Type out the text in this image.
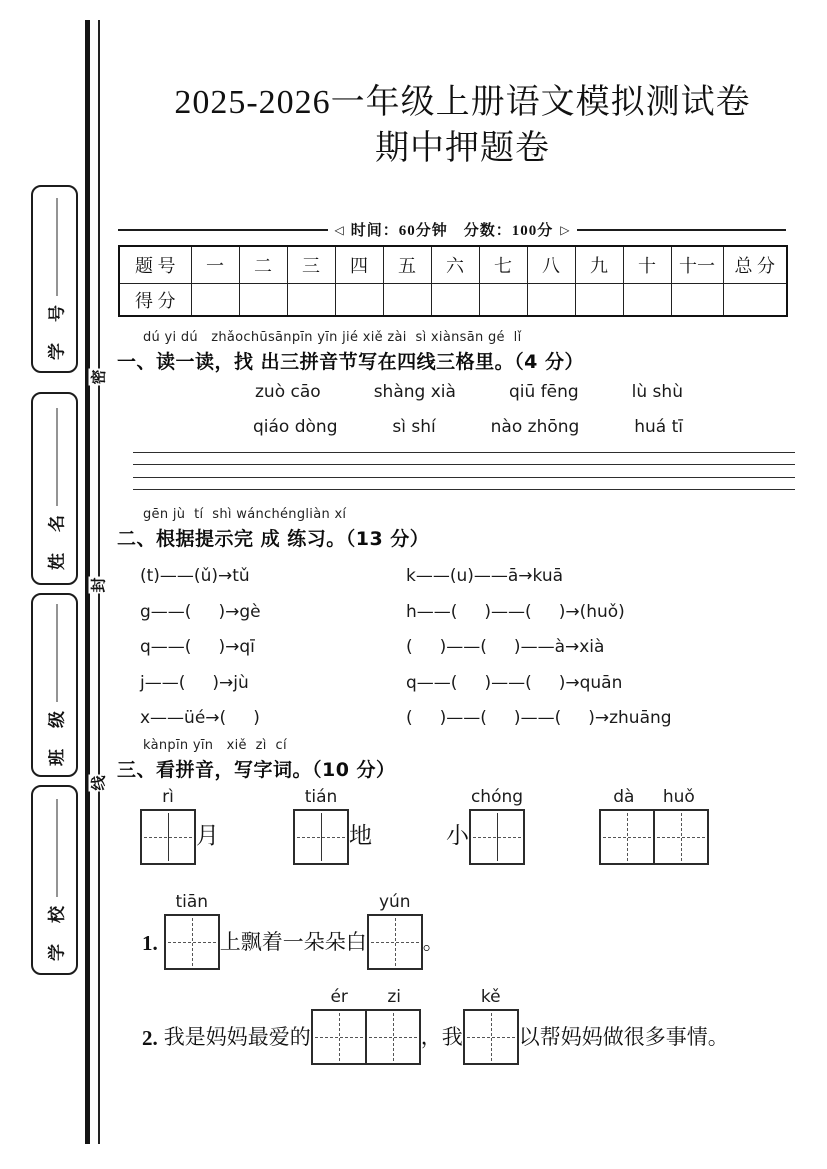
学　号
姓　名
班　级
学　校
密
封
线
2025-2026一年级上册语文模拟测试卷
期中押题卷
◁ 时间：60分钟　分数：100分 ▷
题 号	一	二	三	四	五	六	七	八	九	十	十一	总 分
得 分												
dú yi dú   zhǎochūsānpīn yīn jié xiě zài  sì xiànsān gé  lǐ
一、读一读，找 出三拼音节写在四线三格里。（4 分）
zuò cāo	shàng xià	qiū fēng	lù shù
qiáo dòng	sì shí	nào zhōng	huá tī
gēn jù  tí  shì wánchéngliàn xí
二、根据提示完 成 练习。（13 分）
(t)——(ǔ)→tǔ	k——(u)——ā→kuā
g——(     )→gè	h——(     )——(     )→(huǒ)
q——(     )→qī	(     )——(     )——à→xià
j——(     )→jù	q——(     )——(     )→quān
x——üé→(     )	(     )——(     )——(     )→zhuāng
kànpīn yīn   xiě  zì  cí
三、看拼音，写字词。（10 分）
rì
月
tián
地	小
chóng	dà huǒ
1.
tiān
上飘着一朵朵白
yún
。
2. 我是妈妈最爱的
ér zi
，我
kě
以帮妈妈做很多事情。
